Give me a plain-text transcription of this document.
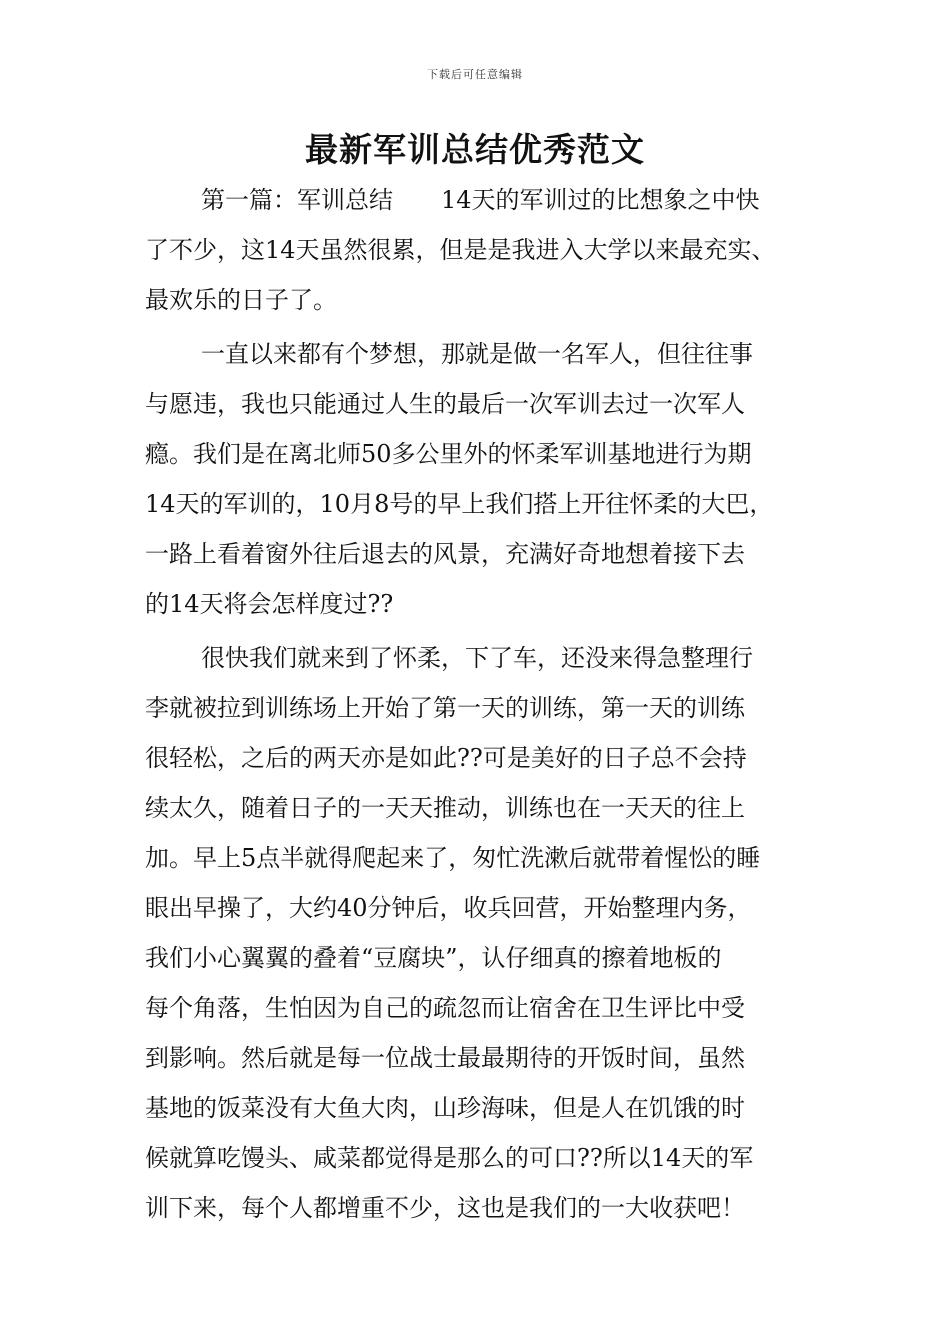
下载后可任意编辑
最新军训总结优秀范文
第一篇：军训总结　　14天的军训过的比想象之中快
了不少，这14天虽然很累，但是是我进入大学以来最充实、
最欢乐的日子了。
一直以来都有个梦想，那就是做一名军人，但往往事
与愿违，我也只能通过人生的最后一次军训去过一次军人
瘾。我们是在离北师50多公里外的怀柔军训基地进行为期
14天的军训的，10月8号的早上我们搭上开往怀柔的大巴，
一路上看着窗外往后退去的风景，充满好奇地想着接下去
的14天将会怎样度过??
很快我们就来到了怀柔，下了车，还没来得急整理行
李就被拉到训练场上开始了第一天的训练，第一天的训练
很轻松，之后的两天亦是如此??可是美好的日子总不会持
续太久，随着日子的一天天推动，训练也在一天天的往上
加。早上5点半就得爬起来了，匆忙洗漱后就带着惺忪的睡
眼出早操了，大约40分钟后，收兵回营，开始整理内务，
我们小心翼翼的叠着“豆腐块”，认仔细真的擦着地板的
每个角落，生怕因为自己的疏忽而让宿舍在卫生评比中受
到影响。然后就是每一位战士最最期待的开饭时间，虽然
基地的饭菜没有大鱼大肉，山珍海味，但是人在饥饿的时
候就算吃馒头、咸菜都觉得是那么的可口??所以14天的军
训下来，每个人都增重不少，这也是我们的一大收获吧！
